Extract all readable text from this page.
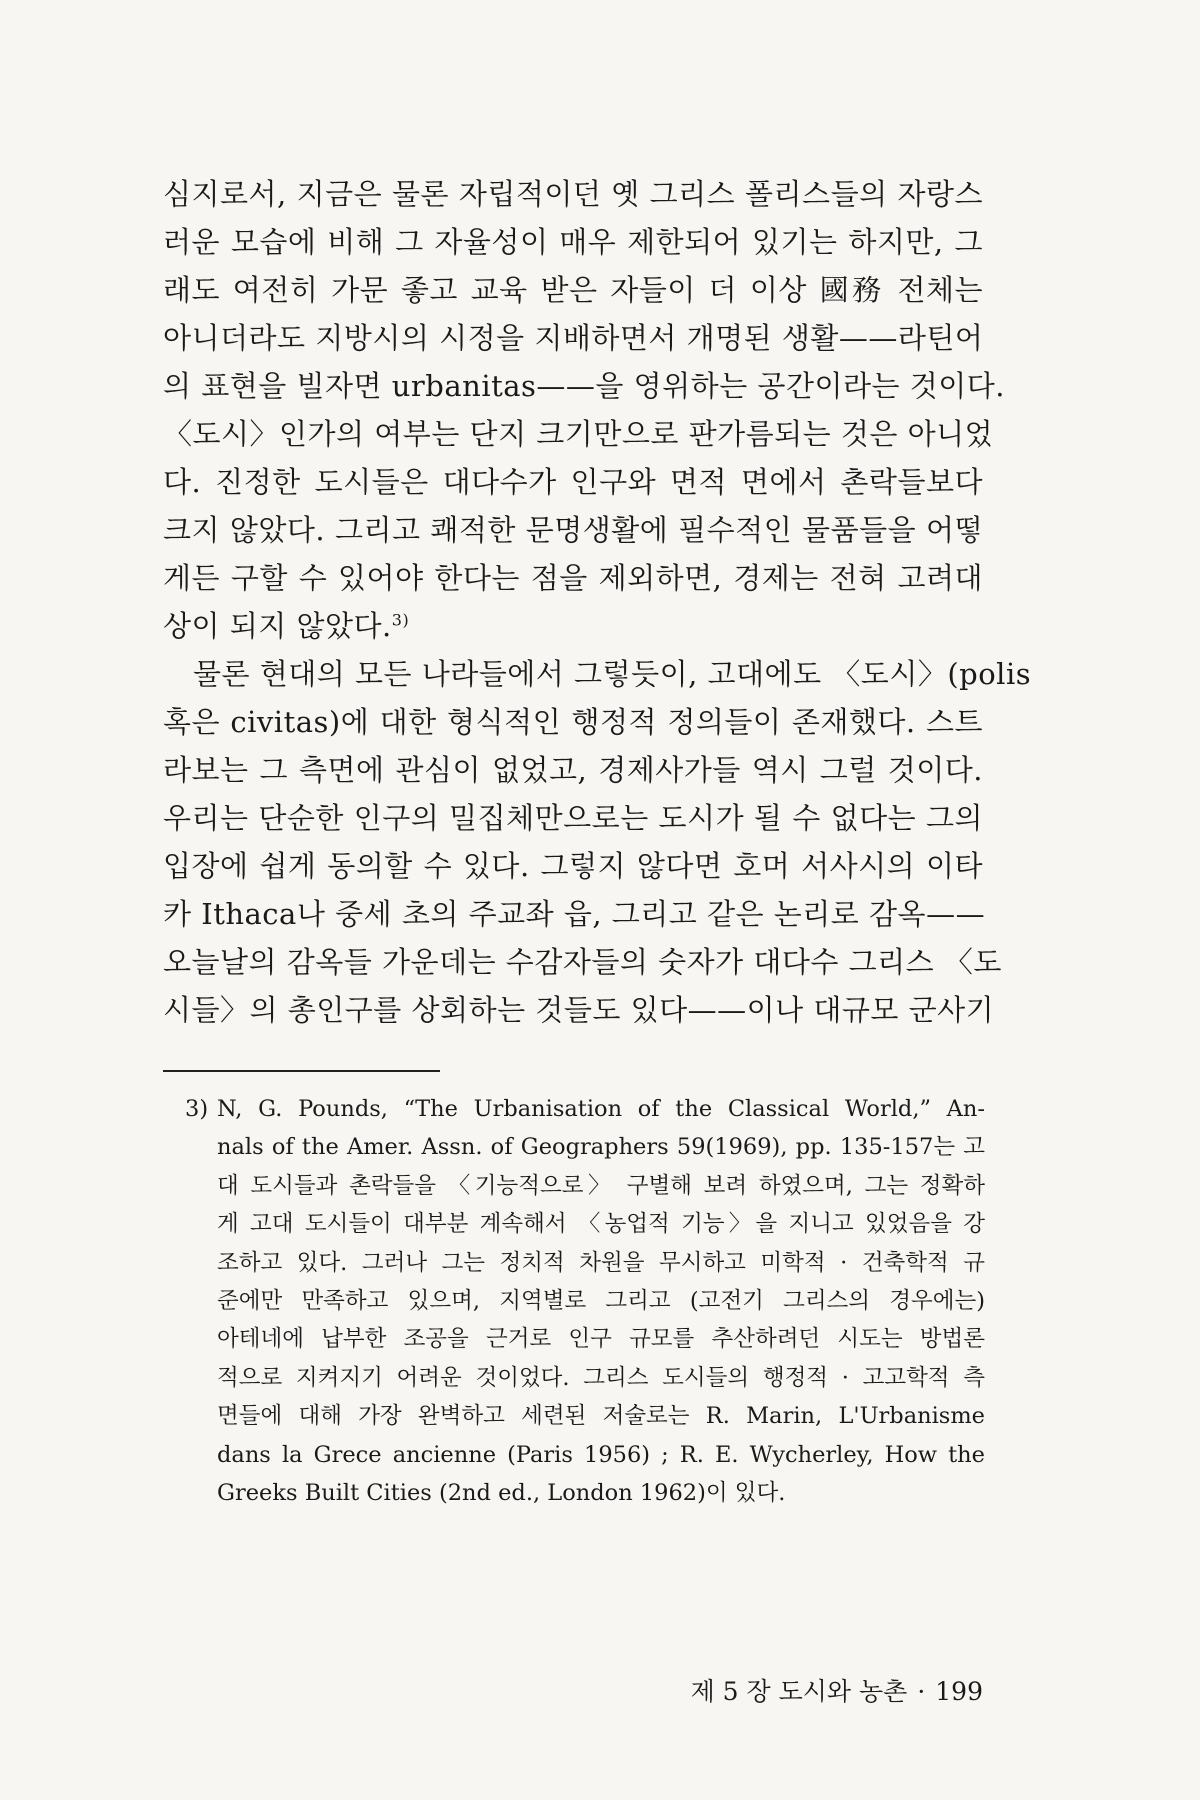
심지로서, 지금은 물론 자립적이던 옛 그리스 폴리스들의 자랑스
러운 모습에 비해 그 자율성이 매우 제한되어 있기는 하지만, 그
래도 여전히 가문 좋고 교육 받은 자들이 더 이상 國務 전체는
아니더라도 지방시의 시정을 지배하면서 개명된 생활——라틴어
의 표현을 빌자면 urbanitas——을 영위하는 공간이라는 것이다.
〈도시〉인가의 여부는 단지 크기만으로 판가름되는 것은 아니었
다. 진정한 도시들은 대다수가 인구와 면적 면에서 촌락들보다
크지 않았다. 그리고 쾌적한 문명생활에 필수적인 물품들을 어떻
게든 구할 수 있어야 한다는 점을 제외하면, 경제는 전혀 고려대
상이 되지 않았다.$^{3)}$
물론 현대의 모든 나라들에서 그렇듯이, 고대에도 〈도시〉(polis
혹은 civitas)에 대한 형식적인 행정적 정의들이 존재했다. 스트
라보는 그 측면에 관심이 없었고, 경제사가들 역시 그럴 것이다.
우리는 단순한 인구의 밀집체만으로는 도시가 될 수 없다는 그의
입장에 쉽게 동의할 수 있다. 그렇지 않다면 호머 서사시의 이타
카 Ithaca나 중세 초의 주교좌 읍, 그리고 같은 논리로 감옥——
오늘날의 감옥들 가운데는 수감자들의 숫자가 대다수 그리스 〈도
시들〉의 총인구를 상회하는 것들도 있다——이나 대규모 군사기
3) N, G. Pounds, “The Urbanisation of the Classical World,” An-
nals of the Amer. Assn. of Geographers 59(1969), pp. 135-157는 고
대 도시들과 촌락들을 〈기능적으로〉 구별해 보려 하였으며, 그는 정확하
게 고대 도시들이 대부분 계속해서 〈농업적 기능〉을 지니고 있었음을 강
조하고 있다. 그러나 그는 정치적 차원을 무시하고 미학적 · 건축학적 규
준에만 만족하고 있으며, 지역별로 그리고 (고전기 그리스의 경우에는)
아테네에 납부한 조공을 근거로 인구 규모를 추산하려던 시도는 방법론
적으로 지켜지기 어려운 것이었다. 그리스 도시들의 행정적 · 고고학적 측
면들에 대해 가장 완벽하고 세련된 저술로는 R. Marin, L'Urbanisme
dans la Grece ancienne (Paris 1956) ; R. E. Wycherley, How the
Greeks Built Cities (2nd ed., London 1962)이 있다.
제 5 장 도시와 농촌 · 199
